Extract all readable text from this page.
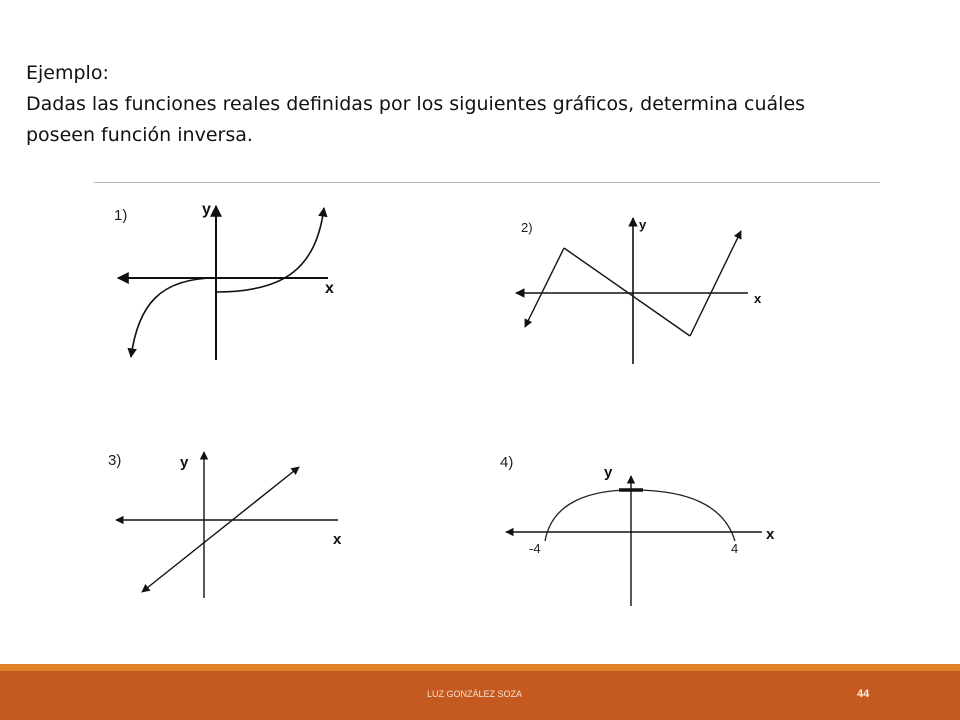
Ejemplo:
Dadas las funciones reales definidas por los siguientes gráficos, determina cuáles
poseen función inversa.
1)	y
x
2)	y
x
3)	y
x
4)
y
x
-4	4
LUZ GONZÁLEZ SOZA	44
